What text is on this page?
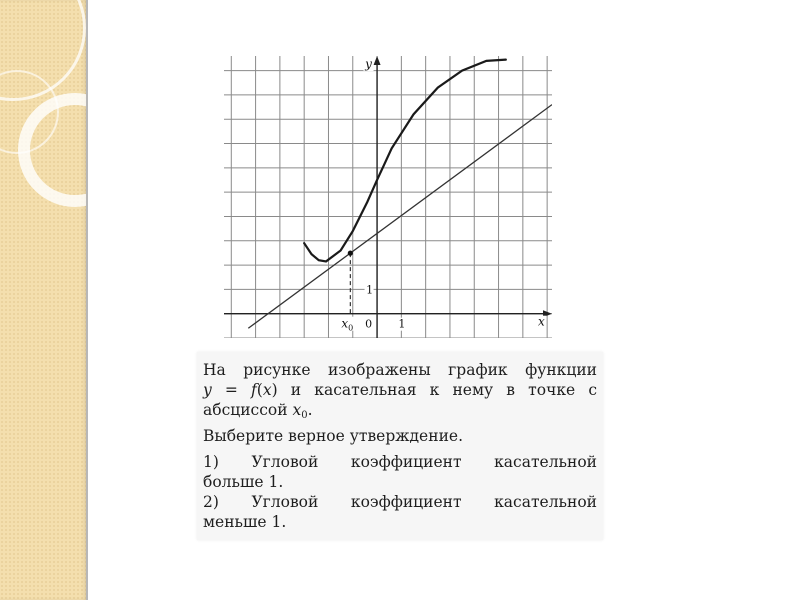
x
y
0 1
1
$x_0$

На рисунке изображены график функции

y = f(x) и касательная к нему в точке с

абсциссой $x_0$.

Выберите верное утверждение.

1) Угловой коэффициент касательной

больше 1.

2) Угловой коэффициент касательной

меньше 1.
